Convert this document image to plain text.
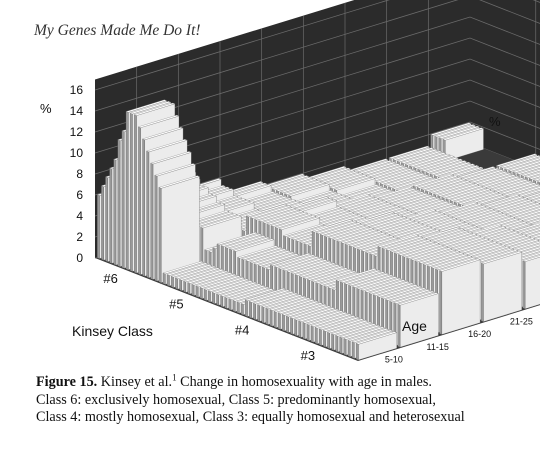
My Genes Made Me Do It!
%
%
Kinsey Class	Age
0
2
4
6
8
10
12
14
16
#6
#5
#4
#3	5-10
11-15
16-20
21-25
Figure 15. Kinsey et al.$^1$ Change in homosexuality with age in males.
Class 6: exclusively homosexual, Class 5: predominantly homosexual,
Class 4: mostly homosexual, Class 3: equally homosexual and heterosexual
